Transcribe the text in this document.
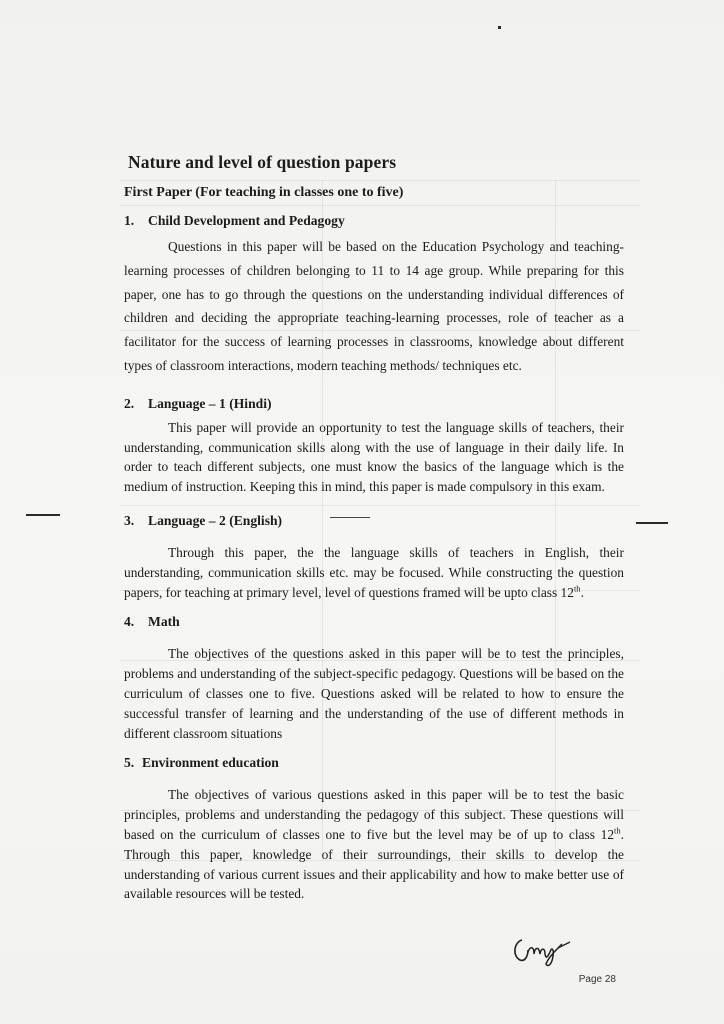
Nature and level of question papers
First Paper (For teaching in classes one to five)
1. Child Development and Pedagogy

Questions in this paper will be based on the Education Psychology and teaching-learning processes of children belonging to 11 to 14 age group. While preparing for this paper, one has to go through the questions on the understanding individual differences of children and deciding the appropriate teaching-learning processes, role of teacher as a facilitator for the success of learning processes in classrooms, knowledge about different types of classroom interactions, modern teaching methods/ techniques etc.

2. Language – 1 (Hindi)

This paper will provide an opportunity to test the language skills of teachers, their understanding, communication skills along with the use of language in their daily life. In order to teach different subjects, one must know the basics of the language which is the medium of instruction. Keeping this in mind, this paper is made compulsory in this exam.

3. Language – 2 (English)

Through this paper, the the language skills of teachers in English, their understanding, communication skills etc. may be focused. While constructing the question papers, for teaching at primary level, level of questions framed will be upto class 12th.

4. Math

The objectives of the questions asked in this paper will be to test the principles, problems and understanding of the subject-specific pedagogy. Questions will be based on the curriculum of classes one to five. Questions asked will be related to how to ensure the successful transfer of learning and the understanding of the use of different methods in different classroom situations

5. Environment education

The objectives of various questions asked in this paper will be to test the basic principles, problems and understanding the pedagogy of this subject. These questions will based on the curriculum of classes one to five but the level may be of up to class 12th. Through this paper, knowledge of their surroundings, their skills to develop the understanding of various current issues and their applicability and how to make better use of available resources will be tested.

Page 28
